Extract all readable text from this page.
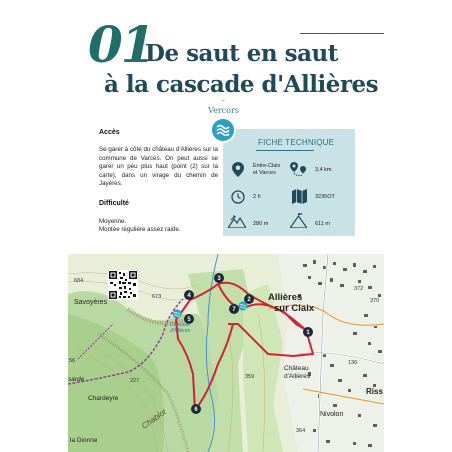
01
De saut en saut
à la cascade d'Allières
- Vercors
Accès
Se garer à côté du château d'Allières sur la commune de Varces. On peut aussi se garer un peu plus haut (point (2) sur la carte), dans un virage du chemin de Jayères.
Difficulté
Moyenne.
Montée régulière assez raide.
FICHE TECHNIQUE
Entre-Claix
et Varces	3,4 km
2 h	3235OT
280 m	611 m
1
2
3
4
5
6
7
Savoyères
Chardeyre
la Dionne
Allières
sur Claix
Château
d'Allières
Nivolon
Riss
Chablot
sarde
Cascade
d'Allières
684
673
359
372
370
136
364
56
227
